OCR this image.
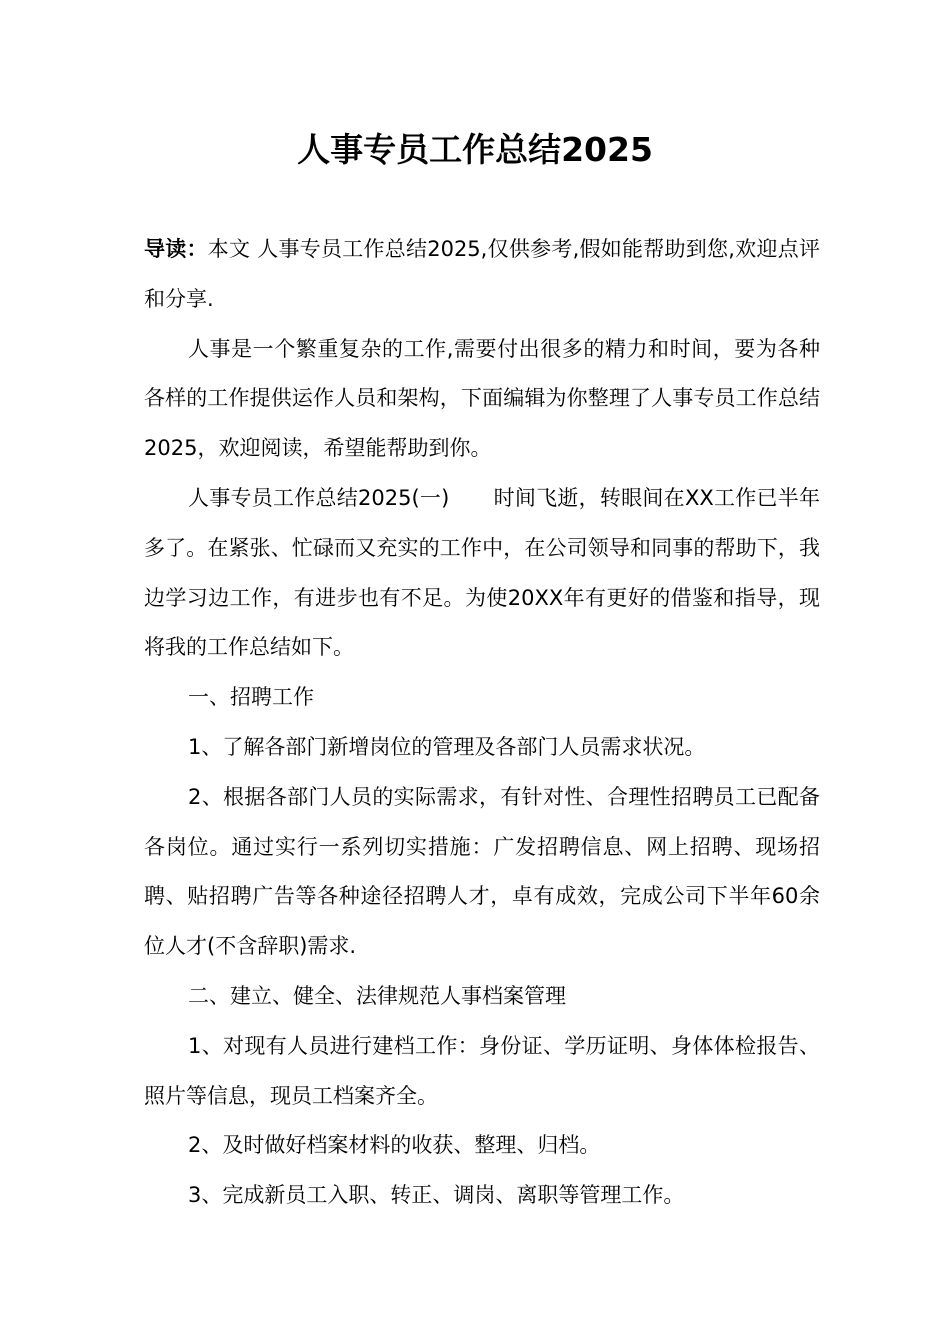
人事专员工作总结2025

导读：本文 人事专员工作总结2025,仅供参考,假如能帮助到您,欢迎点评和分享.

人事是一个繁重复杂的工作,需要付出很多的精力和时间，要为各种各样的工作提供运作人员和架构，下面编辑为你整理了人事专员工作总结2025，欢迎阅读，希望能帮助到你。

人事专员工作总结2025(一) 时间飞逝，转眼间在XX工作已半年多了。在紧张、忙碌而又充实的工作中，在公司领导和同事的帮助下，我边学习边工作，有进步也有不足。为使20XX年有更好的借鉴和指导，现将我的工作总结如下。

一、招聘工作

1、了解各部门新增岗位的管理及各部门人员需求状况。

2、根据各部门人员的实际需求，有针对性、合理性招聘员工已配备各岗位。通过实行一系列切实措施：广发招聘信息、网上招聘、现场招聘、贴招聘广告等各种途径招聘人才，卓有成效，完成公司下半年60余位人才(不含辞职)需求.

二、建立、健全、法律规范人事档案管理

1、对现有人员进行建档工作：身份证、学历证明、身体体检报告、照片等信息，现员工档案齐全。

2、及时做好档案材料的收获、整理、归档。

3、完成新员工入职、转正、调岗、离职等管理工作。
